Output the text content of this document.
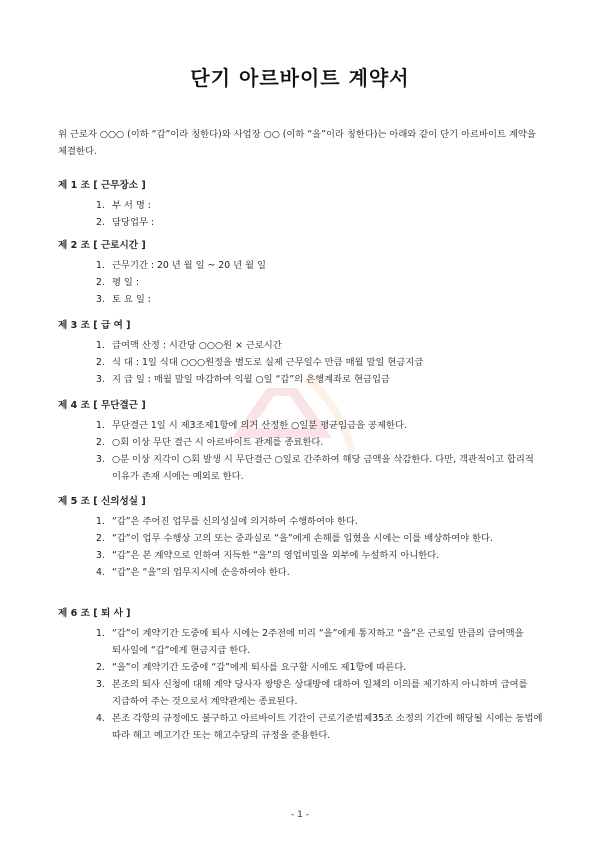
단기 아르바이트 계약서
위 근로자 ○○○ (이하 “갑”이라 칭한다)와 사업장 ○○ (이하 “을”이라 칭한다)는 아래와 같이 단기 아르바이트 계약을 체결한다.
제 1 조 [ 근무장소 ]
1. 부 서 명 :
2. 담당업무 :
제 2 조 [ 근로시간 ]
1. 근무기간 : 20 년 월 일 ~ 20 년 월 일
2. 평 일 :
3. 토 요 일 :
제 3 조 [ 급 여 ]
1. 급여액 산정 : 시간당 ○○○원 × 근로시간
2. 식 대 : 1일 식대 ○○○원정을 별도로 실제 근무일수 만큼 매월 말일 현금지급
3. 지 급 일 : 매월 말일 마감하여 익월 ○일 “갑”의 은행계좌로 현금입금
제 4 조 [ 무단결근 ]
1. 무단결근 1일 시 제3조제1항에 의거 산정한 ○일분 평균임금을 공제한다.
2. ○회 이상 무단 결근 시 아르바이트 관계를 종료한다.
3. ○분 이상 지각이 ○회 발생 시 무단결근 ○일로 간주하여 해당 금액을 삭감한다. 다만, 객관적이고 합리적 이유가 존재 시에는 예외로 한다.
제 5 조 [ 신의성실 ]
1. “갑”은 주어진 업무를 신의성실에 의거하여 수행하여야 한다.
2. “갑”이 업무 수행상 고의 또는 중과실로 “을”에게 손해를 입혔을 시에는 이를 배상하여야 한다.
3. “갑”은 본 계약으로 인하여 지득한 “을”의 영업비밀을 외부에 누설하지 아니한다.
4. “갑”은 “을”의 업무지시에 순응하여야 한다.
제 6 조 [ 퇴 사 ]
1. “갑”이 계약기간 도중에 퇴사 시에는 2주전에 미리 “을”에게 통지하고 “을”은 근로일 만큼의 급여액을 퇴사일에 “갑”에게 현금지급 한다.
2. “을”이 계약기간 도중에 “갑”에게 퇴사를 요구할 시에도 제1항에 따른다.
3. 본조의 퇴사 신청에 대해 계약 당사자 쌍방은 상대방에 대하여 일체의 이의를 제기하지 아니하며 급여를 지급하여 주는 것으로서 계약관계는 종료된다.
4. 본조 각항의 규정에도 불구하고 아르바이트 기간이 근로기준법제35조 소정의 기간에 해당될 시에는 동법에 따라 해고 예고기간 또는 해고수당의 규정을 준용한다.
- 1 -
